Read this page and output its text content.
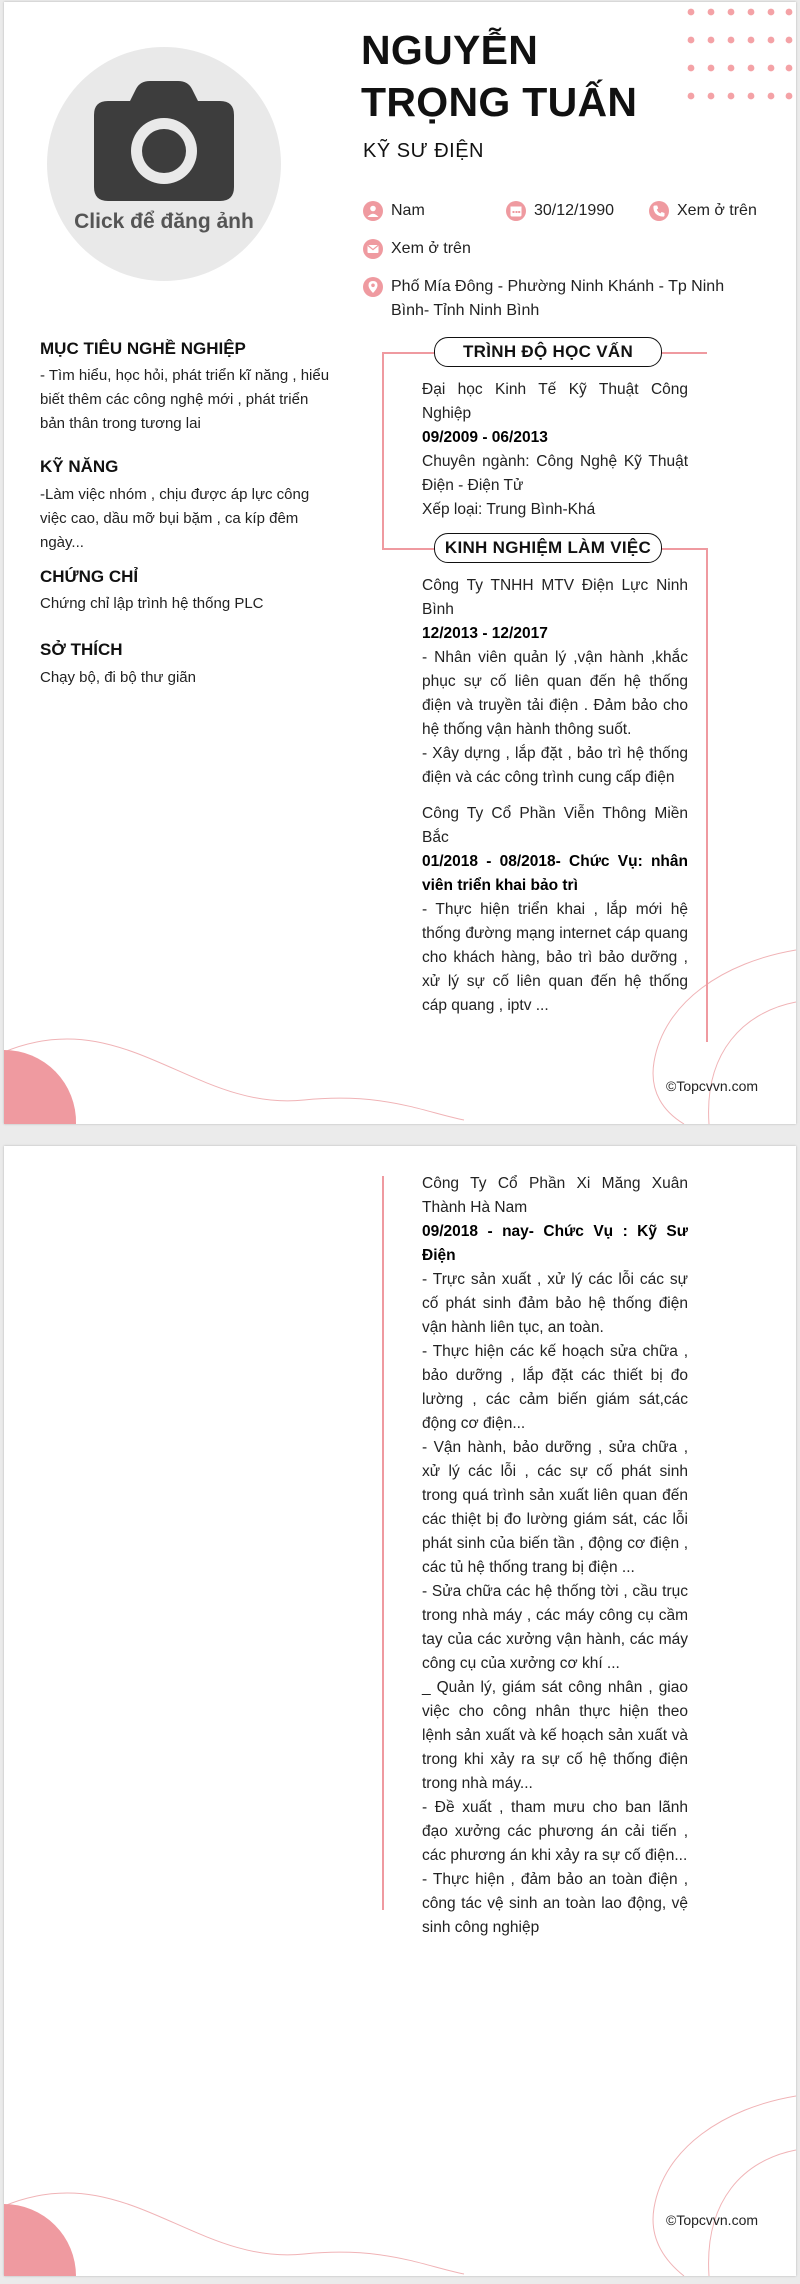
Click để đăng ảnh
NGUYỄN
TRỌNG TUẤN
KỸ SƯ ĐIỆN
Nam	30/12/1990	Xem ở trên
Xem ở trên
Phố Mía Đông - Phường Ninh Khánh - Tp Ninh Bình- Tỉnh Ninh Bình
MỤC TIÊU NGHỀ NGHIỆP
- Tìm hiểu, học hỏi, phát triển kĩ năng , hiểu biết thêm các công nghệ mới , phát triển bản thân trong tương lai
KỸ NĂNG
-Làm việc nhóm , chịu được áp lực công việc cao, dầu mỡ bụi bặm , ca kíp đêm ngày...
CHỨNG CHỈ
Chứng chỉ lập trình hệ thống PLC
SỞ THÍCH
Chạy bộ, đi bộ thư giãn
TRÌNH ĐỘ HỌC VẤN
KINH NGHIỆM LÀM VIỆC

Đại học Kinh Tế Kỹ Thuật Công Nghiệp

09/2009 - 06/2013

Chuyên ngành: Công Nghệ Kỹ Thuật Điện - Điện Tử

Xếp loại: Trung Bình-Khá

Công Ty TNHH MTV Điện Lực Ninh Bình

12/2013 - 12/2017

- Nhân viên quản lý ,vận hành ,khắc phục sự cố liên quan đến hệ thống điện và truyền tải điện . Đảm bảo cho hệ thống vận hành thông suốt.

- Xây dựng , lắp đặt , bảo trì hệ thống điện và các công trình cung cấp điện

Công Ty Cổ Phần Viễn Thông Miền Bắc

01/2018 - 08/2018- Chức Vụ: nhân viên triển khai bảo trì

- Thực hiện triển khai , lắp mới hệ thống đường mạng internet cáp quang cho khách hàng, bảo trì bảo dưỡng , xử lý sự cố liên quan đến hệ thống cáp quang , iptv ...

©Topcvvn.com

Công Ty Cổ Phần Xi Măng Xuân Thành Hà Nam

09/2018 - nay- Chức Vụ : Kỹ Sư Điện

- Trực sản xuất , xử lý các lỗi các sự cố phát sinh đảm bảo hệ thống điện vận hành liên tục, an toàn.

- Thực hiện các kế hoạch sửa chữa , bảo dưỡng , lắp đặt các thiết bị đo lường , các cảm biến giám sát,các động cơ điện...

- Vận hành, bảo dưỡng , sửa chữa , xử lý các lỗi , các sự cố phát sinh trong quá trình sản xuất liên quan đến các thiệt bị đo lường giám sát, các lỗi phát sinh của biến tần , động cơ điện , các tủ hệ thống trang bị điện ...

- Sửa chữa các hệ thống tời , cầu trục trong nhà máy , các máy công cụ cầm tay của các xưởng vận hành, các máy công cụ của xưởng cơ khí ...

_ Quản lý, giám sát công nhân , giao việc cho công nhân thực hiện theo lệnh sản xuất và kế hoạch sản xuất và trong khi xảy ra sự cố hệ thống điện trong nhà máy...

- Đề xuất , tham mưu cho ban lãnh đạo xưởng các phương án cải tiến , các phương án khi xảy ra sự cố điện...

- Thực hiện , đảm bảo an toàn điện , công tác vệ sinh an toàn lao động, vệ sinh công nghiệp

©Topcvvn.com
